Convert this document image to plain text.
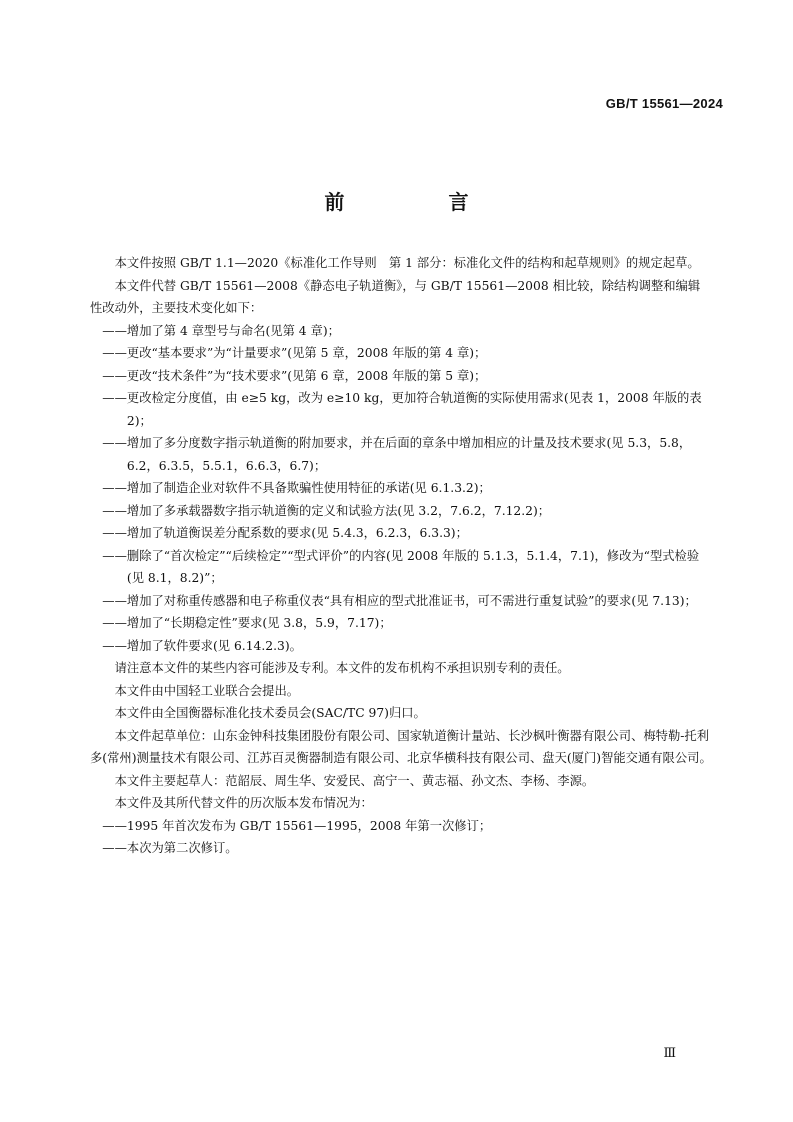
GB/T 15561—2024
前　言

本文件按照 GB/T 1.1—2020《标准化工作导则　第 1 部分：标准化文件的结构和起草规则》的规定起草。

本文件代替 GB/T 15561—2008《静态电子轨道衡》，与 GB/T 15561—2008 相比较，除结构调整和编辑性改动外，主要技术变化如下：

——增加了第 4 章型号与命名(见第 4 章)；

——更改“基本要求”为“计量要求”(见第 5 章，2008 年版的第 4 章)；

——更改“技术条件”为“技术要求”(见第 6 章，2008 年版的第 5 章)；

——更改检定分度值，由 e≥5 kg，改为 e≥10 kg，更加符合轨道衡的实际使用需求(见表 1，2008 年版的表 2)；

——增加了多分度数字指示轨道衡的附加要求，并在后面的章条中增加相应的计量及技术要求(见 5.3，5.8，6.2，6.3.5，5.5.1，6.6.3，6.7)；

——增加了制造企业对软件不具备欺骗性使用特征的承诺(见 6.1.3.2)；

——增加了多承载器数字指示轨道衡的定义和试验方法(见 3.2，7.6.2，7.12.2)；

——增加了轨道衡误差分配系数的要求(见 5.4.3，6.2.3，6.3.3)；

——删除了“首次检定”“后续检定”“型式评价”的内容(见 2008 年版的 5.1.3，5.1.4，7.1)，修改为“型式检验(见 8.1，8.2)”；

——增加了对称重传感器和电子称重仪表“具有相应的型式批准证书，可不需进行重复试验”的要求(见 7.13)；

——增加了“长期稳定性”要求(见 3.8，5.9，7.17)；

——增加了软件要求(见 6.14.2.3)。

请注意本文件的某些内容可能涉及专利。本文件的发布机构不承担识别专利的责任。

本文件由中国轻工业联合会提出。

本文件由全国衡器标准化技术委员会(SAC/TC 97)归口。

本文件起草单位：山东金钟科技集团股份有限公司、国家轨道衡计量站、长沙枫叶衡器有限公司、梅特勒-托利多(常州)测量技术有限公司、江苏百灵衡器制造有限公司、北京华横科技有限公司、盘天(厦门)智能交通有限公司。

本文件主要起草人：范韶辰、周生华、安爱民、高宁一、黄志福、孙文杰、李杨、李源。

本文件及其所代替文件的历次版本发布情况为：

——1995 年首次发布为 GB/T 15561—1995，2008 年第一次修订；

——本次为第二次修订。

Ⅲ
